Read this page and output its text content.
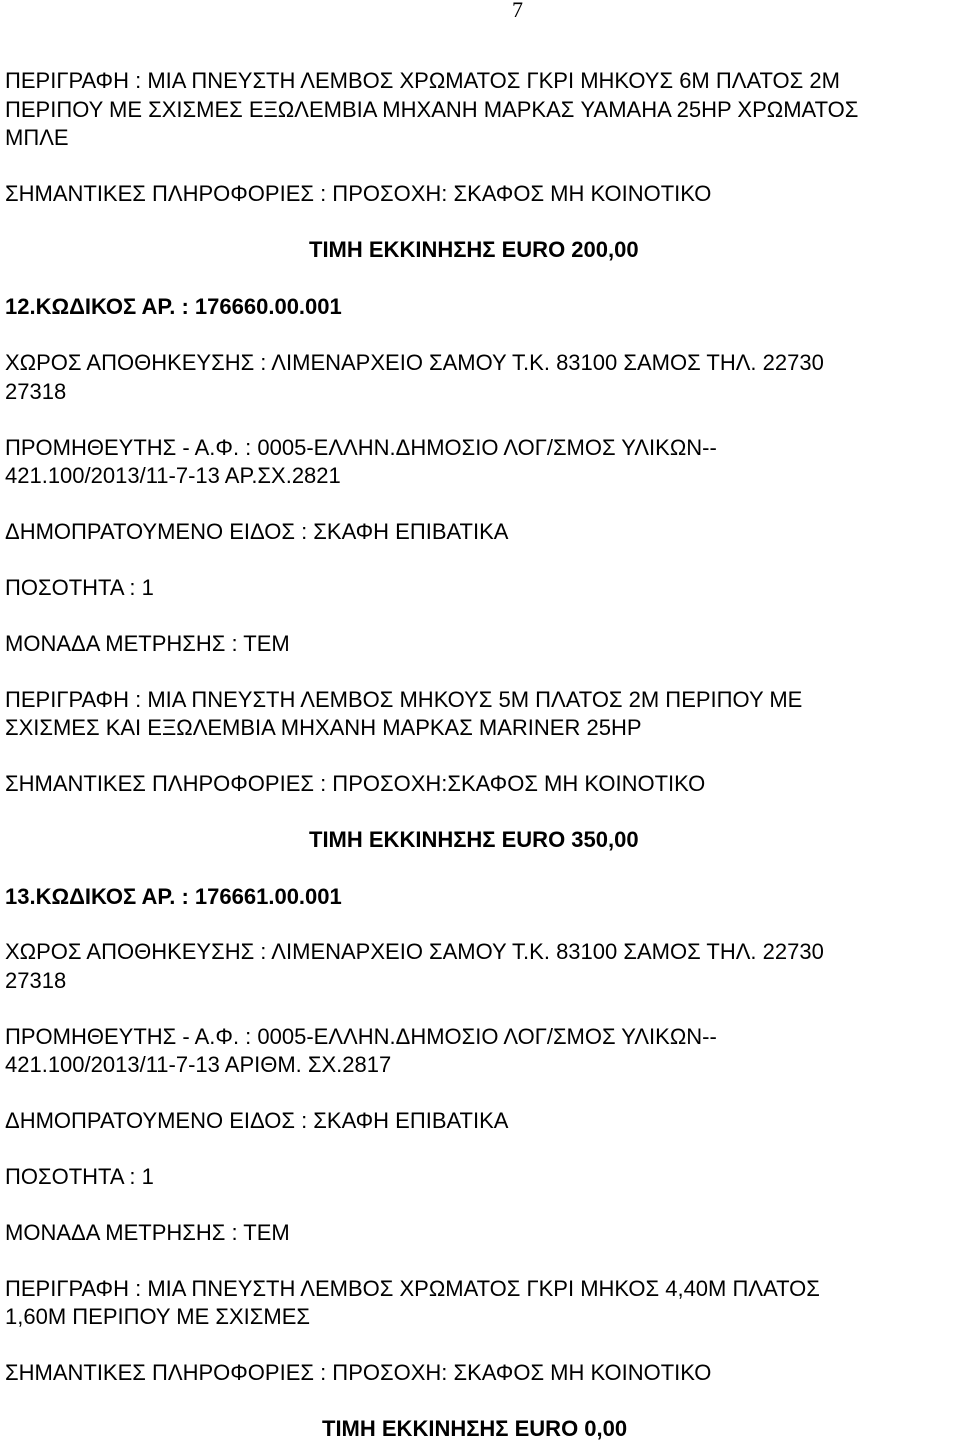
7
ΠΕΡΙΓΡΑΦΗ : ΜΙΑ ΠΝΕΥΣΤΗ ΛΕΜΒΟΣ ΧΡΩΜΑΤΟΣ ΓΚΡΙ ΜΗΚΟΥΣ 6Μ ΠΛΑΤΟΣ 2Μ
ΠΕΡΙΠΟΥ ΜΕ ΣΧΙΣΜΕΣ ΕΞΩΛΕΜΒΙΑ ΜΗΧΑΝΗ ΜΑΡΚΑΣ YAMAHA 25HP ΧΡΩΜΑΤΟΣ
ΜΠΛΕ
ΣΗΜΑΝΤΙΚΕΣ ΠΛΗΡΟΦΟΡΙΕΣ : ΠΡΟΣΟΧΗ: ΣΚΑΦΟΣ ΜΗ ΚΟΙΝΟΤΙΚΟ
ΤΙΜΗ ΕΚΚΙΝΗΣΗΣ EURO 200,00
12.ΚΩΔΙΚΟΣ ΑΡ. : 176660.00.001
ΧΩΡΟΣ ΑΠΟΘΗΚΕΥΣΗΣ : ΛΙΜΕΝΑΡΧΕΙΟ ΣΑΜΟΥ Τ.Κ. 83100 ΣΑΜΟΣ ΤΗΛ. 22730
27318
ΠΡΟΜΗΘΕΥΤΗΣ - Α.Φ. : 0005-ΕΛΛΗΝ.ΔΗΜΟΣΙΟ ΛΟΓ/ΣΜΟΣ ΥΛΙΚΩΝ--
421.100/2013/11-7-13 ΑΡ.ΣΧ.2821
ΔΗΜΟΠΡΑΤΟΥΜΕΝΟ ΕΙΔΟΣ : ΣΚΑΦΗ ΕΠΙΒΑΤΙΚΑ
ΠΟΣΟΤΗΤΑ : 1
ΜΟΝΑΔΑ ΜΕΤΡΗΣΗΣ : ΤΕΜ
ΠΕΡΙΓΡΑΦΗ : ΜΙΑ ΠΝΕΥΣΤΗ ΛΕΜΒΟΣ ΜΗΚΟΥΣ 5Μ ΠΛΑΤΟΣ 2Μ ΠΕΡΙΠΟΥ ΜΕ
ΣΧΙΣΜΕΣ ΚΑΙ ΕΞΩΛΕΜΒΙΑ ΜΗΧΑΝΗ ΜΑΡΚΑΣ MARINER 25HP
ΣΗΜΑΝΤΙΚΕΣ ΠΛΗΡΟΦΟΡΙΕΣ : ΠΡΟΣΟΧΗ:ΣΚΑΦΟΣ ΜΗ ΚΟΙΝΟΤΙΚΟ
ΤΙΜΗ ΕΚΚΙΝΗΣΗΣ EURO 350,00
13.ΚΩΔΙΚΟΣ ΑΡ. : 176661.00.001
ΧΩΡΟΣ ΑΠΟΘΗΚΕΥΣΗΣ : ΛΙΜΕΝΑΡΧΕΙΟ ΣΑΜΟΥ Τ.Κ. 83100 ΣΑΜΟΣ ΤΗΛ. 22730
27318
ΠΡΟΜΗΘΕΥΤΗΣ - Α.Φ. : 0005-ΕΛΛΗΝ.ΔΗΜΟΣΙΟ ΛΟΓ/ΣΜΟΣ ΥΛΙΚΩΝ--
421.100/2013/11-7-13 ΑΡΙΘΜ. ΣΧ.2817
ΔΗΜΟΠΡΑΤΟΥΜΕΝΟ ΕΙΔΟΣ : ΣΚΑΦΗ ΕΠΙΒΑΤΙΚΑ
ΠΟΣΟΤΗΤΑ : 1
ΜΟΝΑΔΑ ΜΕΤΡΗΣΗΣ : ΤΕΜ
ΠΕΡΙΓΡΑΦΗ : ΜΙΑ ΠΝΕΥΣΤΗ ΛΕΜΒΟΣ ΧΡΩΜΑΤΟΣ ΓΚΡΙ ΜΗΚΟΣ 4,40Μ ΠΛΑΤΟΣ
1,60Μ ΠΕΡΙΠΟΥ ΜΕ ΣΧΙΣΜΕΣ
ΣΗΜΑΝΤΙΚΕΣ ΠΛΗΡΟΦΟΡΙΕΣ : ΠΡΟΣΟΧΗ: ΣΚΑΦΟΣ ΜΗ ΚΟΙΝΟΤΙΚΟ
ΤΙΜΗ ΕΚΚΙΝΗΣΗΣ EURO 0,00
